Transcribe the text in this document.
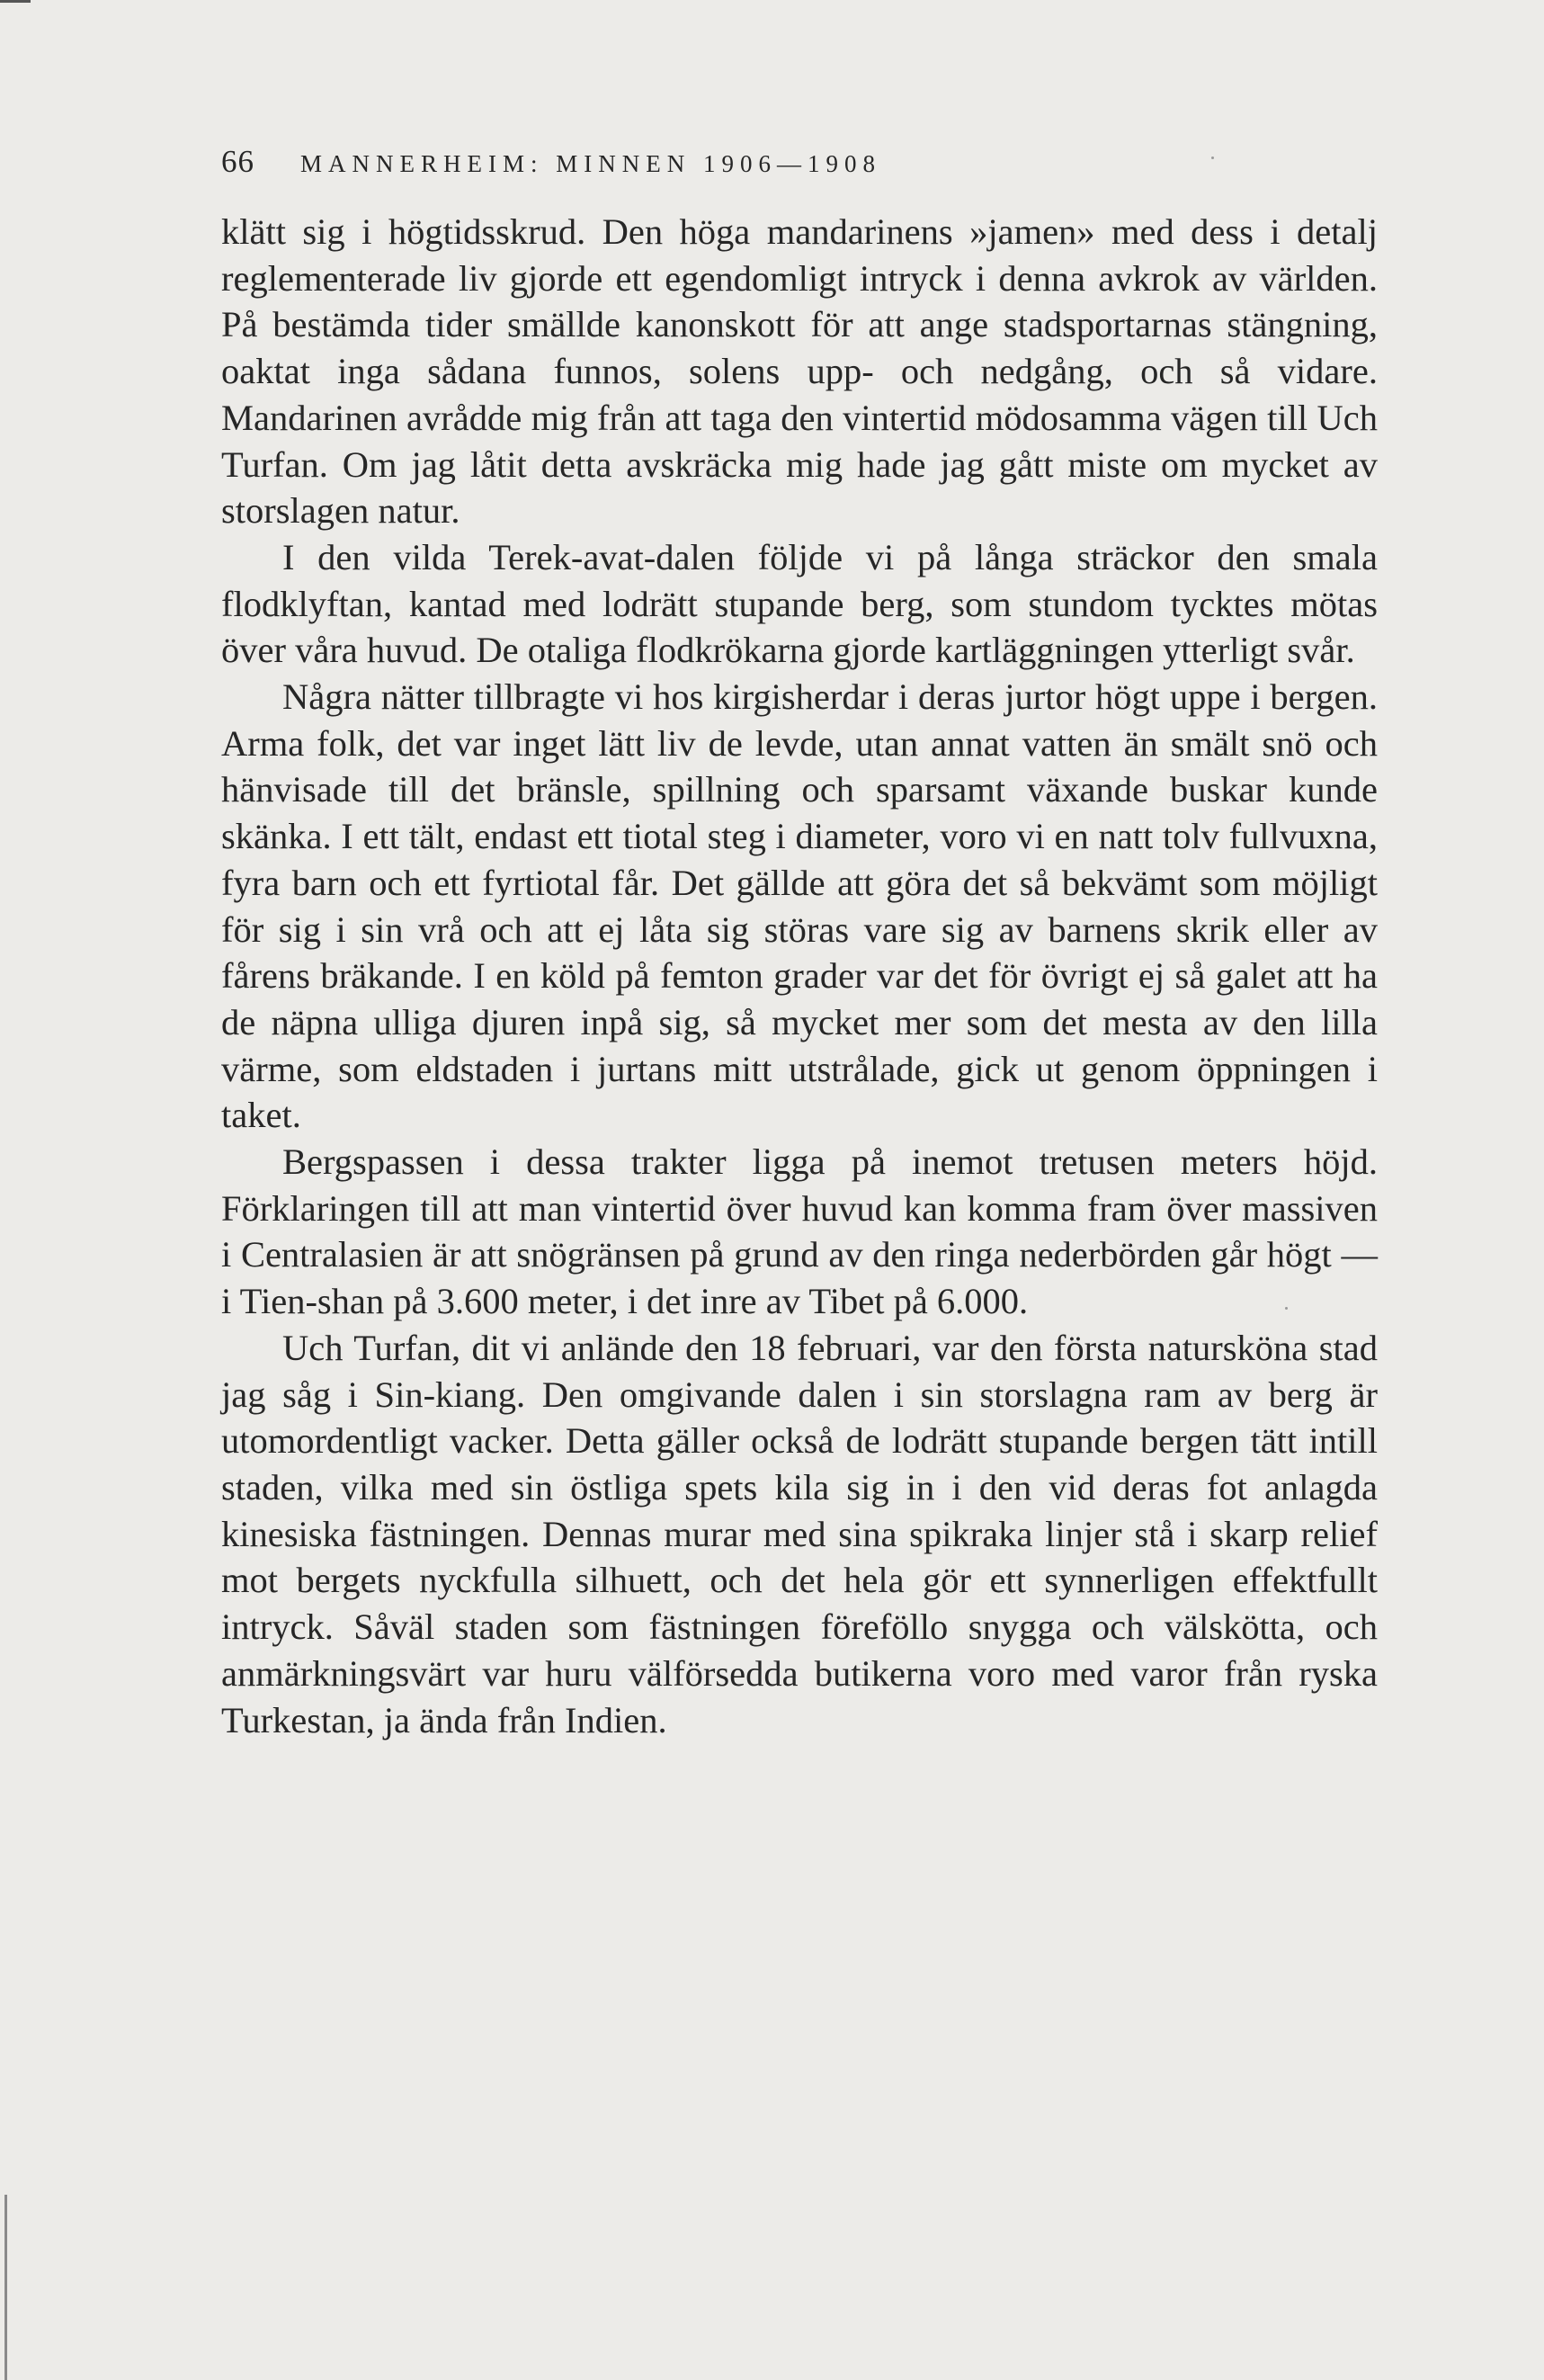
66	MANNERHEIM: MINNEN 1906—1908

klätt sig i högtidsskrud. Den höga mandarinens »jamen» med dess i detalj reglementerade liv gjorde ett egendomligt intryck i denna avkrok av världen. På bestämda tider smällde kanonskott för att ange stadsportarnas stängning, oaktat inga sådana funnos, solens upp- och nedgång, och så vidare. Mandarinen avrådde mig från att taga den vintertid mödosamma vägen till Uch Turfan. Om jag låtit detta avskräcka mig hade jag gått miste om mycket av storslagen natur.

I den vilda Terek-avat-dalen följde vi på långa sträckor den smala flodklyftan, kantad med lodrätt stupande berg, som stundom tycktes mötas över våra huvud. De otaliga flodkrökarna gjorde kartläggningen ytterligt svår.

Några nätter tillbragte vi hos kirgisherdar i deras jurtor högt uppe i bergen. Arma folk, det var inget lätt liv de levde, utan annat vatten än smält snö och hänvisade till det bränsle, spillning och sparsamt växande buskar kunde skänka. I ett tält, endast ett tiotal steg i diameter, voro vi en natt tolv fullvuxna, fyra barn och ett fyrtiotal får. Det gällde att göra det så bekvämt som möjligt för sig i sin vrå och att ej låta sig störas vare sig av barnens skrik eller av fårens bräkande. I en köld på femton grader var det för övrigt ej så galet att ha de näpna ulliga djuren inpå sig, så mycket mer som det mesta av den lilla värme, som eldstaden i jurtans mitt utstrålade, gick ut genom öppningen i taket.

Bergspassen i dessa trakter ligga på inemot tretusen meters höjd. Förklaringen till att man vintertid över huvud kan komma fram över massiven i Centralasien är att snögränsen på grund av den ringa nederbörden går högt — i Tien-shan på 3.600 meter, i det inre av Tibet på 6.000.

Uch Turfan, dit vi anlände den 18 februari, var den första natursköna stad jag såg i Sin-kiang. Den omgivande dalen i sin storslagna ram av berg är utomordentligt vacker. Detta gäller också de lodrätt stupande bergen tätt intill staden, vilka med sin östliga spets kila sig in i den vid deras fot anlagda kinesiska fästningen. Dennas murar med sina spikraka linjer stå i skarp relief mot bergets nyckfulla silhuett, och det hela gör ett synnerligen effektfullt intryck. Såväl staden som fästningen föreföllo snygga och välskötta, och anmärkningsvärt var huru välförsedda butikerna voro med varor från ryska Turkestan, ja ända från Indien.
